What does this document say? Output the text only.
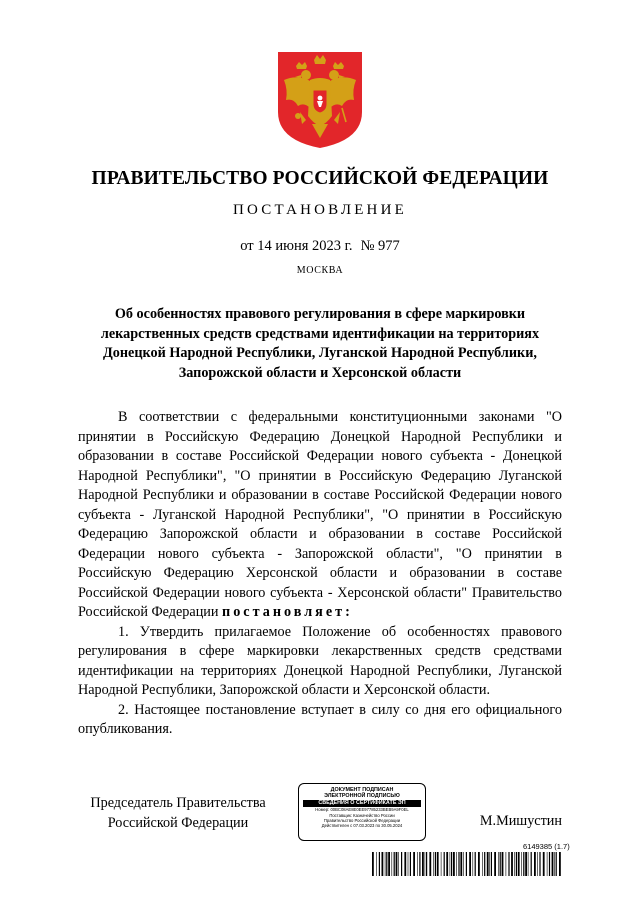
ПРАВИТЕЛЬСТВО РОССИЙСКОЙ ФЕДЕРАЦИИ
ПОСТАНОВЛЕНИЕ
от 14 июня 2023 г. № 977
МОСКВА
Об особенностях правового регулирования в сфере маркировки
лекарственных средств средствами идентификации на территориях
Донецкой Народной Республики, Луганской Народной Республики,
Запорожской области и Херсонской области

В соответствии с федеральными конституционными законами "О принятии в Российскую Федерацию Донецкой Народной Республики и образовании в составе Российской Федерации нового субъекта - Донецкой Народной Республики", "О принятии в Российскую Федерацию Луганской Народной Республики и образовании в составе Российской Федерации нового субъекта - Луганской Народной Республики", "О принятии в Российскую Федерацию Запорожской области и образовании в составе Российской Федерации нового субъекта - Запорожской области", "О принятии в Российскую Федерацию Херсонской области и образовании в составе Российской Федерации нового субъекта - Херсонской области" Правительство Российской Федерации постановляет:

1. Утвердить прилагаемое Положение об особенностях правового регулирования в сфере маркировки лекарственных средств средствами идентификации на территориях Донецкой Народной Республики, Луганской Народной Республики, Запорожской области и Херсонской области.

2. Настоящее постановление вступает в силу со дня его официального опубликования.

Председатель Правительства
Российской Федерации
ДОКУМЕНТ ПОДПИСАН
ЭЛЕКТРОННОЙ ПОДПИСЬЮ
СВЕДЕНИЯ О СЕРТИФИКАТЕ ЭП
Номер: 00BC08AE8E0EE97785233BEB9A9F0EL
Поставщик: Казначейство России
Правительство Российской Федерации
Действителен с 07.03.2023 по 30.05.2024	М.Мишустин
6149385 (1.7)
